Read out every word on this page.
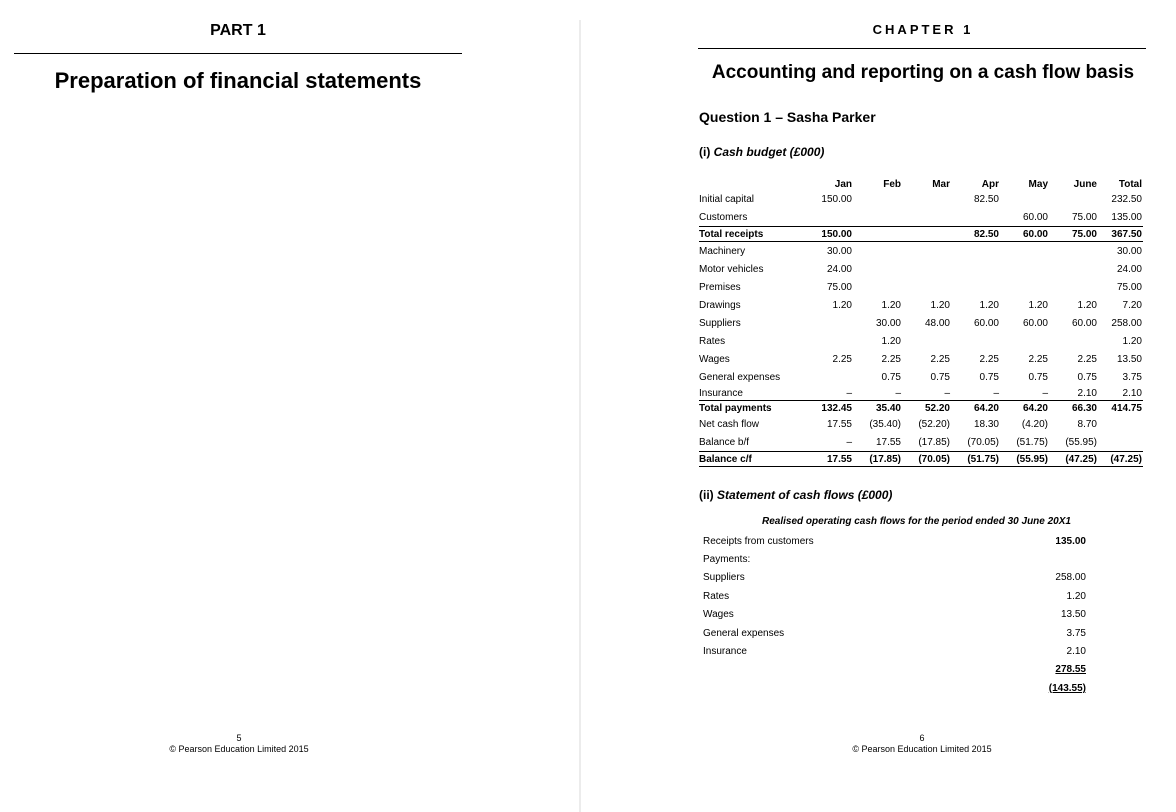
PART 1
Preparation of financial statements
5
© Pearson Education Limited 2015
CHAPTER 1
Accounting and reporting on a cash flow basis
Question 1 – Sasha Parker
(i) Cash budget (£000)
	Jan	Feb	Mar	Apr	May	June	Total
Initial capital	150.00			82.50			232.50
Customers					60.00	75.00	135.00
Total receipts	150.00			82.50	60.00	75.00	367.50
Machinery	30.00						30.00
Motor vehicles	24.00						24.00
Premises	75.00						75.00
Drawings	1.20	1.20	1.20	1.20	1.20	1.20	7.20
Suppliers		30.00	48.00	60.00	60.00	60.00	258.00
Rates		1.20					1.20
Wages	2.25	2.25	2.25	2.25	2.25	2.25	13.50
General expenses		0.75	0.75	0.75	0.75	0.75	3.75
Insurance	–	–	–	–	–	2.10	2.10
Total payments	132.45	35.40	52.20	64.20	64.20	66.30	414.75
Net cash flow	17.55	(35.40)	(52.20)	18.30	(4.20)	8.70	
Balance b/f	–	17.55	(17.85)	(70.05)	(51.75)	(55.95)	
Balance c/f	17.55	(17.85)	(70.05)	(51.75)	(55.95)	(47.25)	(47.25)
(ii) Statement of cash flows (£000)
Realised operating cash flows for the period ended 30 June 20X1
Receipts from customers	135.00
Payments:	
Suppliers	258.00
Rates	1.20
Wages	13.50
General expenses	3.75
Insurance	2.10
	278.55
	(143.55)
6
© Pearson Education Limited 2015
